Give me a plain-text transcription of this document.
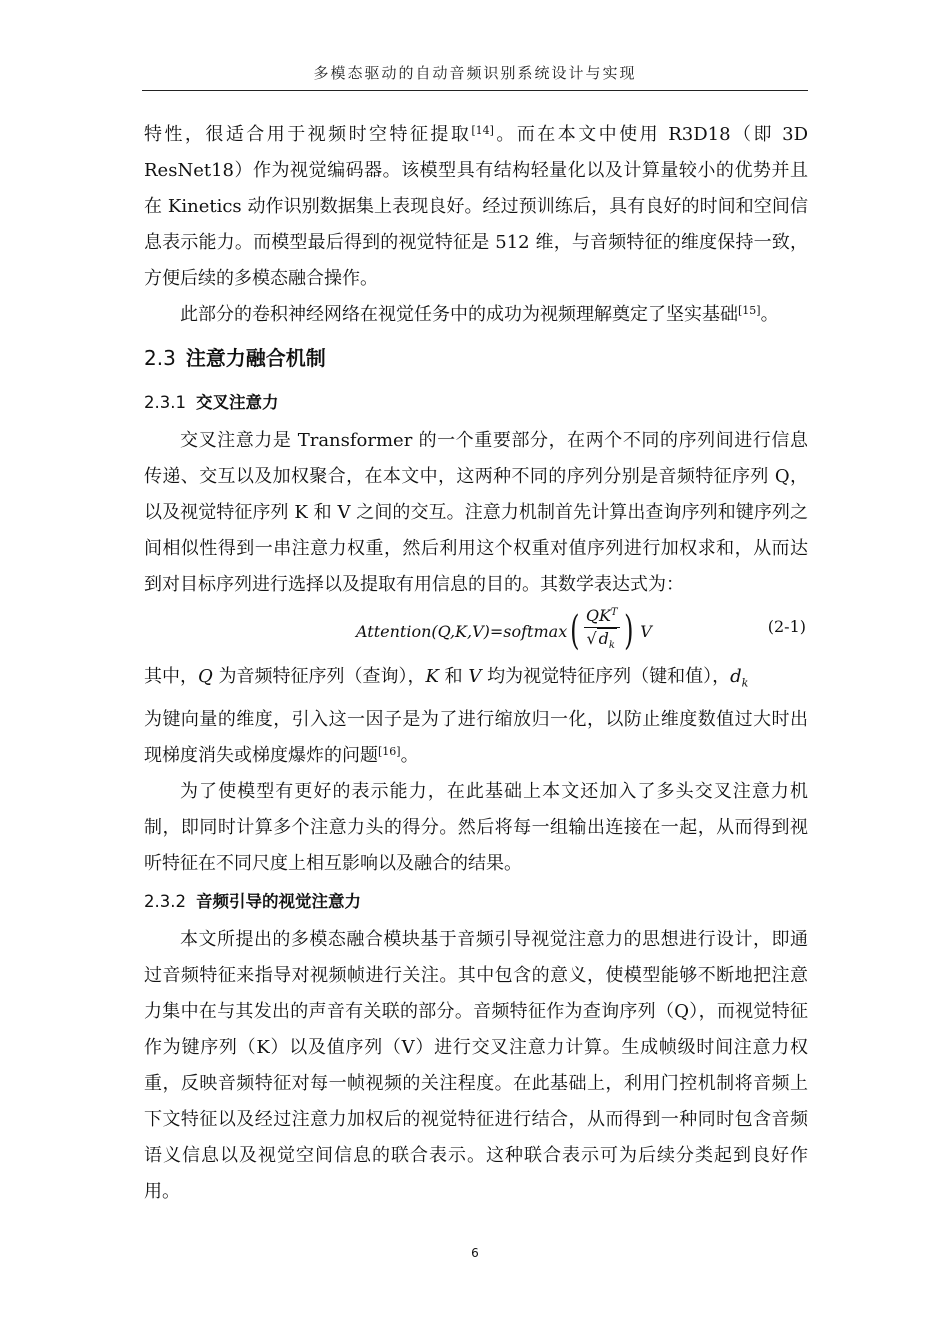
多模态驱动的自动音频识别系统设计与实现

特性，很适合用于视频时空特征提取[14]。而在本文中使用 R3D18（即 3D ResNet18）作为视觉编码器。该模型具有结构轻量化以及计算量较小的优势并且在 Kinetics 动作识别数据集上表现良好。经过预训练后，具有良好的时间和空间信息表示能力。而模型最后得到的视觉特征是 512 维，与音频特征的维度保持一致，方便后续的多模态融合操作。

此部分的卷积神经网络在视觉任务中的成功为视频理解奠定了坚实基础[15]。

2.3 注意力融合机制
2.3.1 交叉注意力

交叉注意力是 Transformer 的一个重要部分，在两个不同的序列间进行信息传递、交互以及加权聚合，在本文中，这两种不同的序列分别是音频特征序列 Q，以及视觉特征序列 K 和 V 之间的交互。注意力机制首先计算出查询序列和键序列之间相似性得到一串注意力权重，然后利用这个权重对值序列进行加权求和，从而达到对目标序列进行选择以及提取有用信息的目的。其数学表达式为：

Attention(Q,K,V)=softmax ( $\frac{QK^T}{√ d_k}$ ) V	(2-1)

其中，Q 为音频特征序列（查询），K 和 V 均为视觉特征序列（键和值），$d_k$
为键向量的维度，引入这一因子是为了进行缩放归一化，以防止维度数值过大时出现梯度消失或梯度爆炸的问题[16]。

为了使模型有更好的表示能力，在此基础上本文还加入了多头交叉注意力机制，即同时计算多个注意力头的得分。然后将每一组输出连接在一起，从而得到视听特征在不同尺度上相互影响以及融合的结果。

2.3.2 音频引导的视觉注意力

本文所提出的多模态融合模块基于音频引导视觉注意力的思想进行设计，即通过音频特征来指导对视频帧进行关注。其中包含的意义，使模型能够不断地把注意力集中在与其发出的声音有关联的部分。音频特征作为查询序列（Q），而视觉特征作为键序列（K）以及值序列（V）进行交叉注意力计算。生成帧级时间注意力权重，反映音频特征对每一帧视频的关注程度。在此基础上，利用门控机制将音频上下文特征以及经过注意力加权后的视觉特征进行结合，从而得到一种同时包含音频语义信息以及视觉空间信息的联合表示。这种联合表示可为后续分类起到良好作用。

6
